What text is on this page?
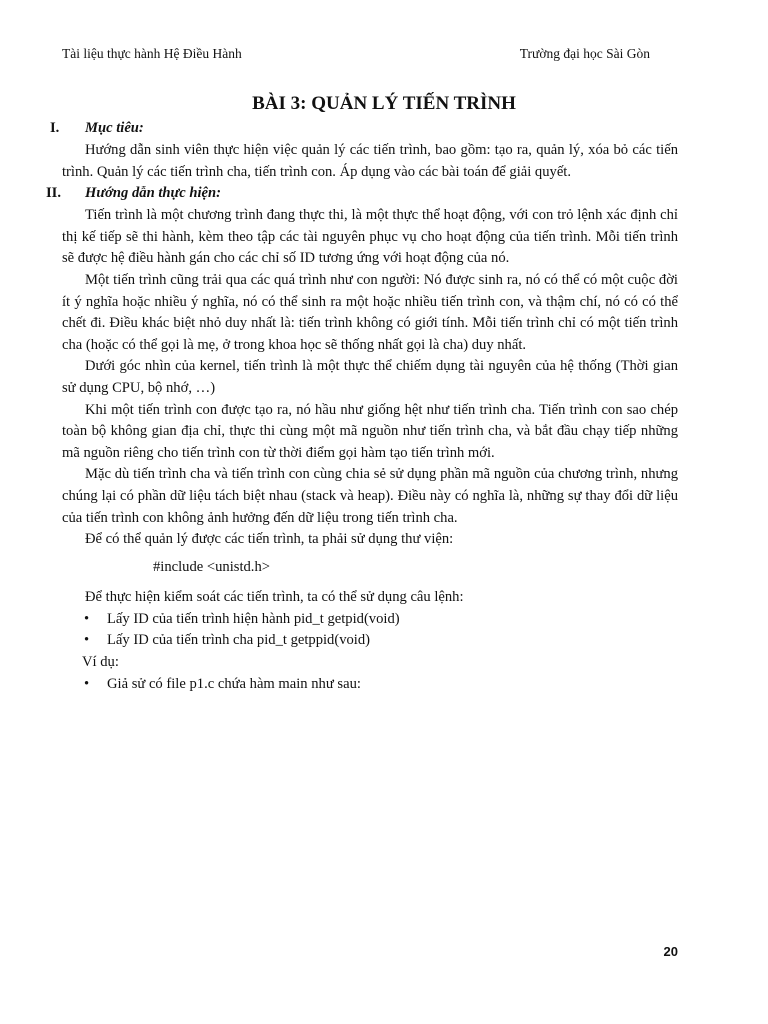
Tài liệu thực hành Hệ Điều Hành	Trường đại học Sài Gòn
BÀI 3: QUẢN LÝ TIẾN TRÌNH
I.	Mục tiêu:

Hướng dẫn sinh viên thực hiện việc quản lý các tiến trình, bao gồm: tạo ra, quản lý, xóa bỏ các tiến trình. Quản lý các tiến trình cha, tiến trình con. Áp dụng vào các bài toán để giải quyết.

II.	Hướng dẫn thực hiện:

Tiến trình là một chương trình đang thực thi, là một thực thể hoạt động, với con trỏ lệnh xác định chỉ thị kế tiếp sẽ thi hành, kèm theo tập các tài nguyên phục vụ cho hoạt động của tiến trình. Mỗi tiến trình sẽ được hệ điều hành gán cho các chỉ số ID tương ứng với hoạt động của nó.

Một tiến trình cũng trải qua các quá trình như con người: Nó được sinh ra, nó có thể có một cuộc đời ít ý nghĩa hoặc nhiều ý nghĩa, nó có thể sinh ra một hoặc nhiều tiến trình con, và thậm chí, nó có có thể chết đi. Điều khác biệt nhỏ duy nhất là: tiến trình không có giới tính. Mỗi tiến trình chỉ có một tiến trình cha (hoặc có thể gọi là mẹ, ở trong khoa học sẽ thống nhất gọi là cha) duy nhất.

Dưới góc nhìn của kernel, tiến trình là một thực thể chiếm dụng tài nguyên của hệ thống (Thời gian sử dụng CPU, bộ nhớ, …)

Khi một tiến trình con được tạo ra, nó hầu như giống hệt như tiến trình cha. Tiến trình con sao chép toàn bộ không gian địa chỉ, thực thi cùng một mã nguồn như tiến trình cha, và bắt đầu chạy tiếp những mã nguồn riêng cho tiến trình con từ thời điểm gọi hàm tạo tiến trình mới.

Mặc dù tiến trình cha và tiến trình con cùng chia sẻ sử dụng phần mã nguồn của chương trình, nhưng chúng lại có phần dữ liệu tách biệt nhau (stack và heap). Điều này có nghĩa là, những sự thay đổi dữ liệu của tiến trình con không ảnh hưởng đến dữ liệu trong tiến trình cha.

Để có thể quản lý được các tiến trình, ta phải sử dụng thư viện:

#include <unistd.h>

Để thực hiện kiểm soát các tiến trình, ta có thể sử dụng câu lệnh:

•	Lấy ID của tiến trình hiện hành pid_t getpid(void)
•	Lấy ID của tiến trình cha pid_t getppid(void)

Ví dụ:

•	Giả sử có file p1.c chứa hàm main như sau:
20
